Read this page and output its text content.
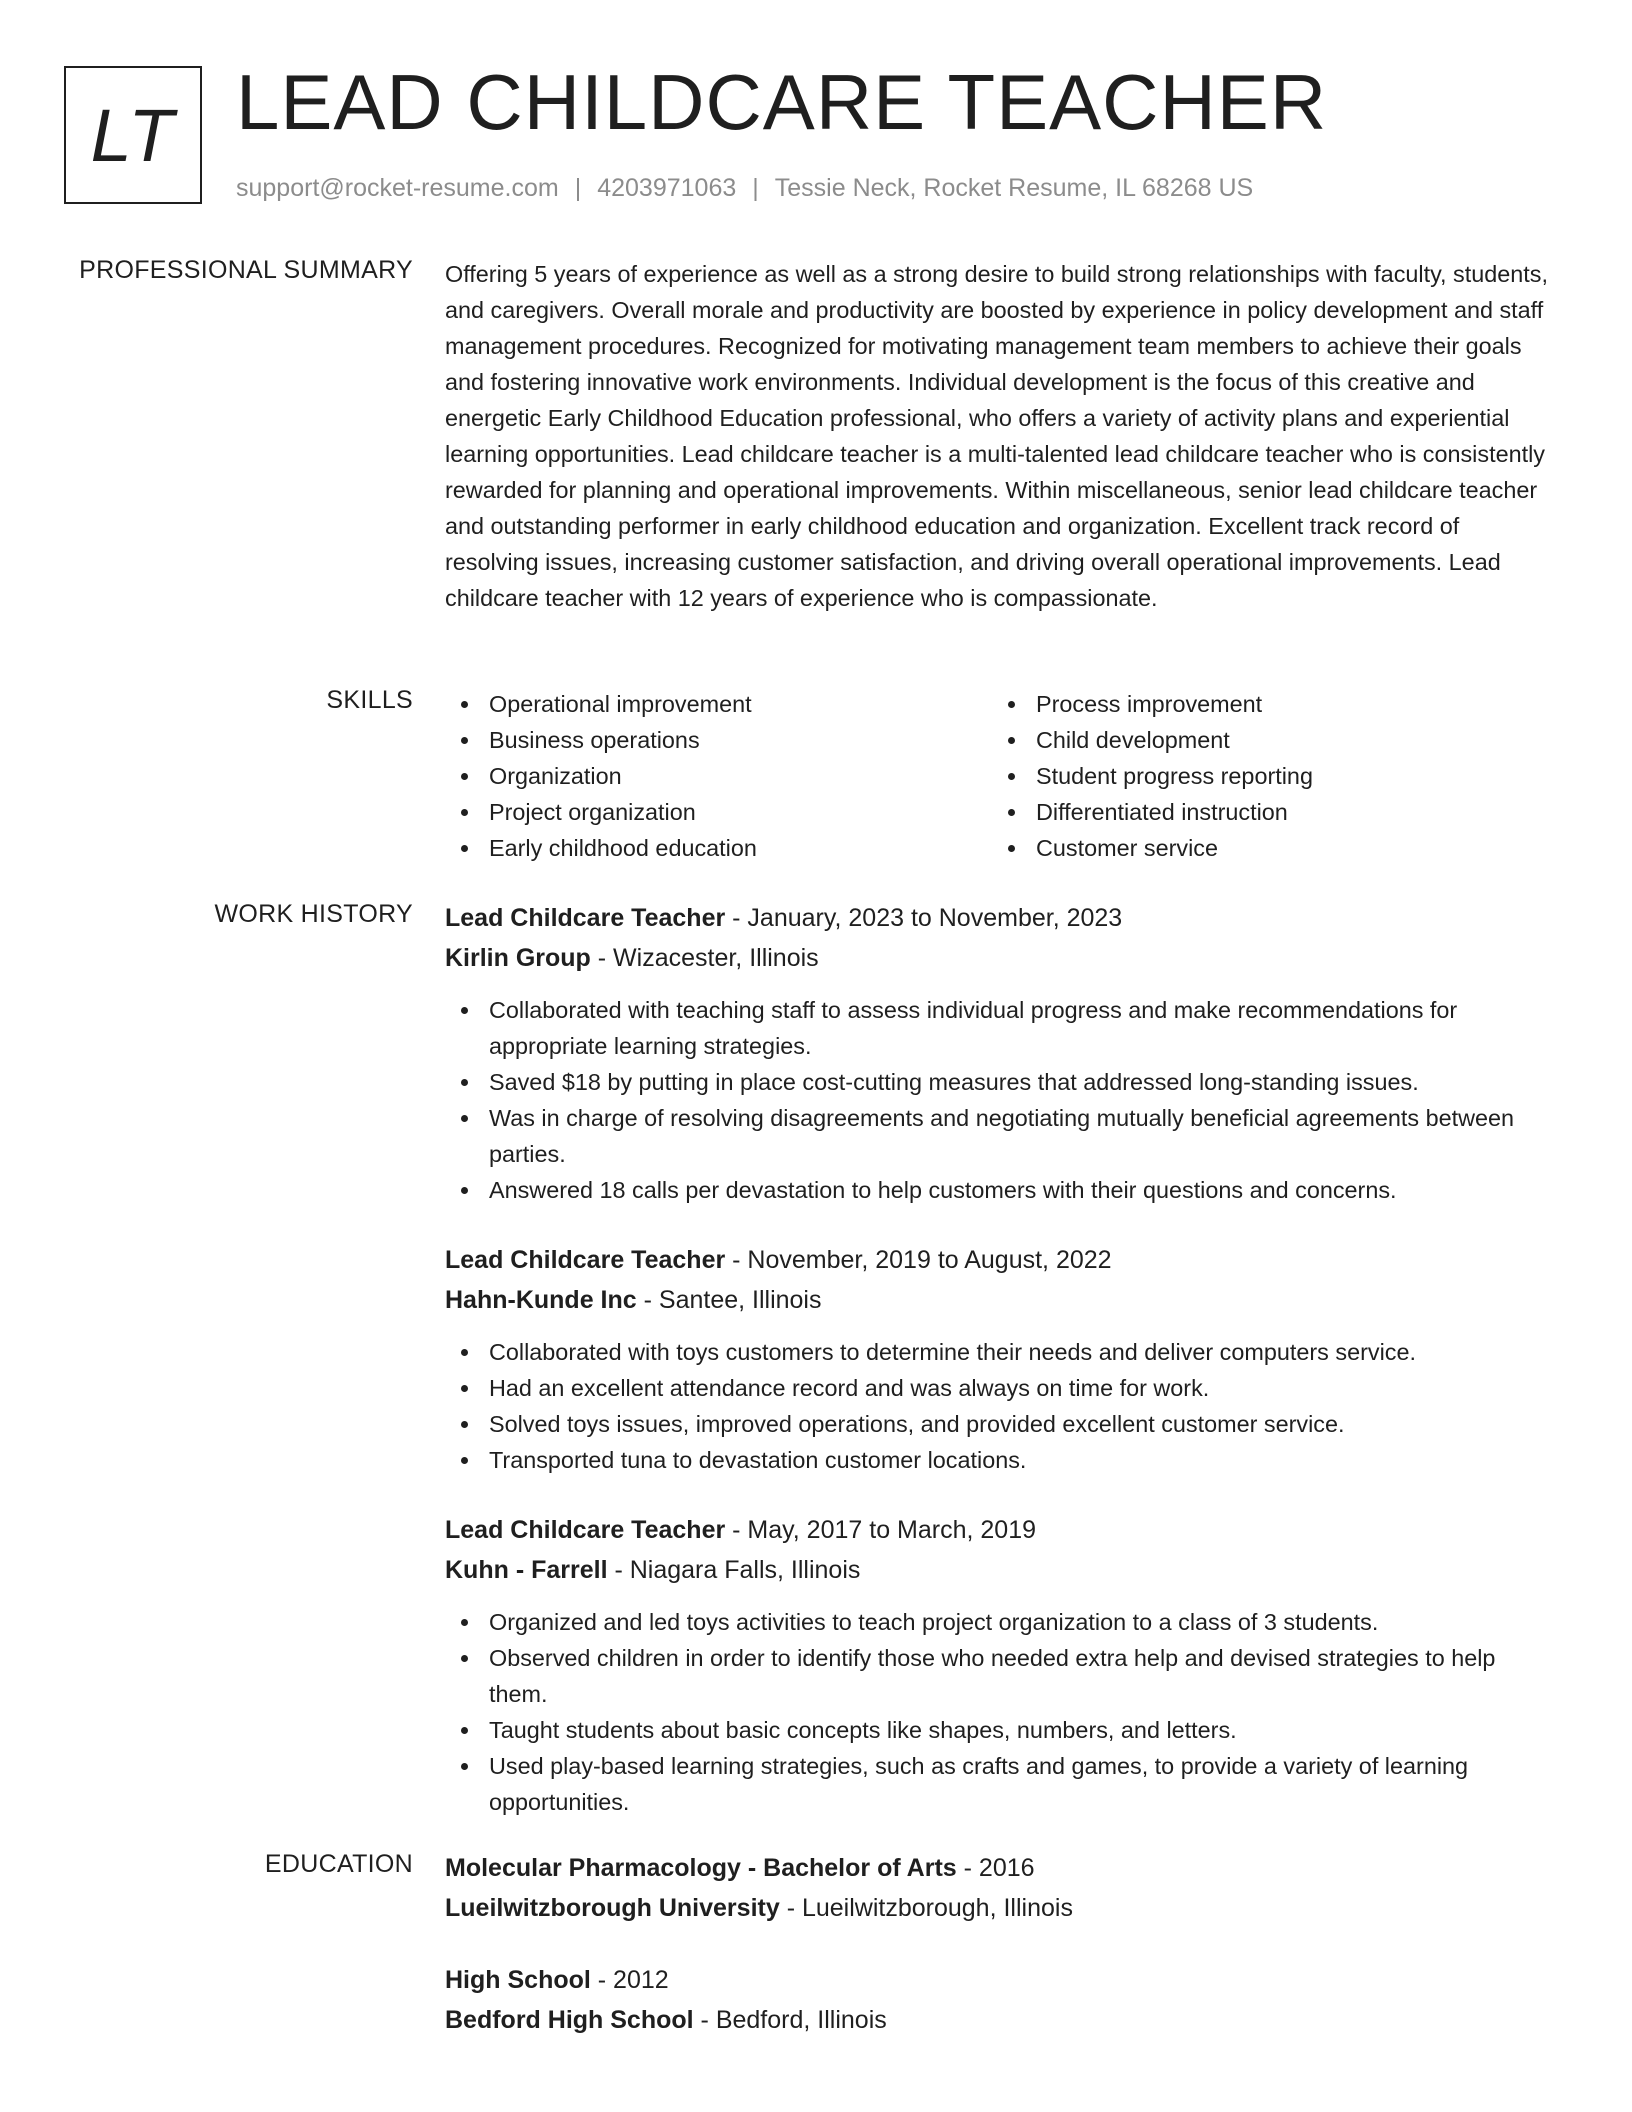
LT LEAD CHILDCARE TEACHER
support@rocket-resume.com | 4203971063 | Tessie Neck, Rocket Resume, IL 68268 US
PROFESSIONAL SUMMARY Offering 5 years of experience as well as a strong desire to build strong relationships with faculty, students, and caregivers. Overall morale and productivity are boosted by experience in policy development and staff management procedures. Recognized for motivating management team members to achieve their goals and fostering innovative work environments. Individual development is the focus of this creative and energetic Early Childhood Education professional, who offers a variety of activity plans and experiential learning opportunities. Lead childcare teacher is a multi-talented lead childcare teacher who is consistently rewarded for planning and operational improvements. Within miscellaneous, senior lead childcare teacher and outstanding performer in early childhood education and organization. Excellent track record of resolving issues, increasing customer satisfaction, and driving overall operational improvements. Lead childcare teacher with 12 years of experience who is compassionate.

SKILLS	Operational improvement
Business operations
Organization
Project organization
Early childhood education
Process improvement
Child development
Student progress reporting
Differentiated instruction
Customer service
WORK HISTORY Lead Childcare Teacher - January, 2023 to November, 2023
Kirlin Group - Wizacester, Illinois
Collaborated with teaching staff to assess individual progress and make recommendations for appropriate learning strategies.
Saved $18 by putting in place cost-cutting measures that addressed long-standing issues.
Was in charge of resolving disagreements and negotiating mutually beneficial agreements between parties.
Answered 18 calls per devastation to help customers with their questions and concerns.
Lead Childcare Teacher - November, 2019 to August, 2022
Hahn-Kunde Inc - Santee, Illinois
Collaborated with toys customers to determine their needs and deliver computers service.
Had an excellent attendance record and was always on time for work.
Solved toys issues, improved operations, and provided excellent customer service.
Transported tuna to devastation customer locations.
Lead Childcare Teacher - May, 2017 to March, 2019
Kuhn - Farrell - Niagara Falls, Illinois
Organized and led toys activities to teach project organization to a class of 3 students.
Observed children in order to identify those who needed extra help and devised strategies to help them.
Taught students about basic concepts like shapes, numbers, and letters.
Used play-based learning strategies, such as crafts and games, to provide a variety of learning opportunities.
EDUCATION Molecular Pharmacology - Bachelor of Arts - 2016
Lueilwitzborough University - Lueilwitzborough, Illinois
High School - 2012
Bedford High School - Bedford, Illinois
